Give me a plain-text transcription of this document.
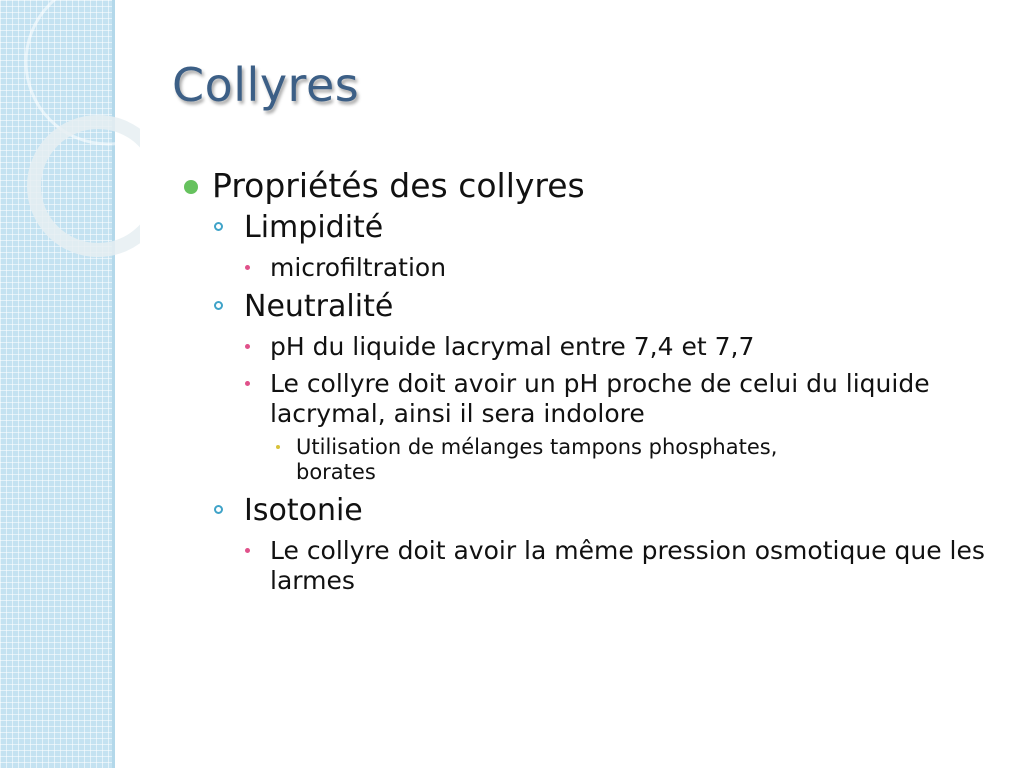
Collyres
Propriétés des collyres
Limpidité
microfiltration
Neutralité
pH du liquide lacrymal entre 7,4 et 7,7
Le collyre doit avoir un pH proche de celui du liquide lacrymal, ainsi il sera indolore
Utilisation de mélanges tampons phosphates, borates
Isotonie
Le collyre doit avoir la même pression osmotique que les larmes
